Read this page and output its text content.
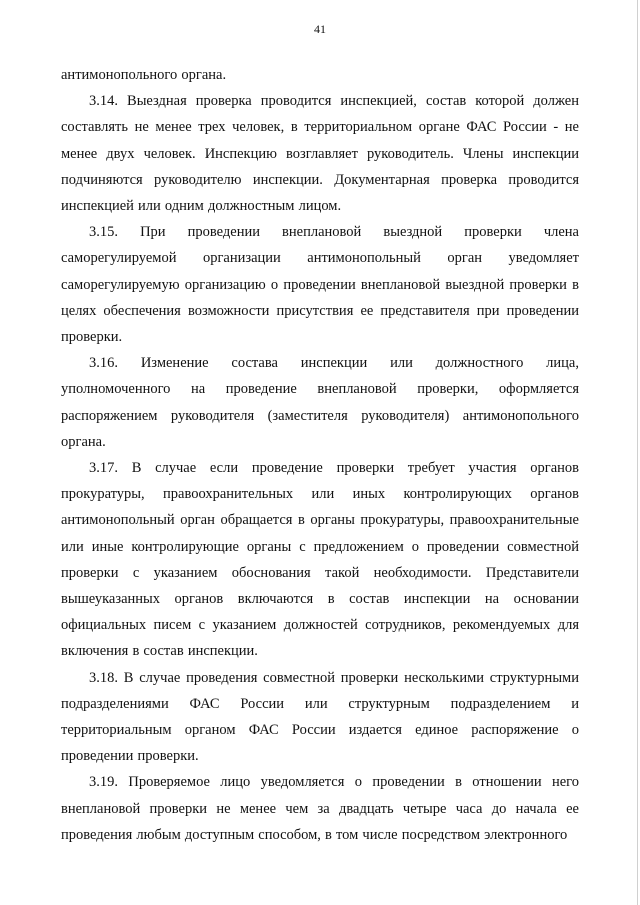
41

антимонопольного органа.

3.14. Выездная проверка проводится инспекцией, состав которой должен составлять не менее трех человек, в территориальном органе ФАС России - не менее двух человек. Инспекцию возглавляет руководитель. Члены инспекции подчиняются руководителю инспекции. Документарная проверка проводится инспекцией или одним должностным лицом.

3.15. При проведении внеплановой выездной проверки члена саморегулируемой организации антимонопольный орган уведомляет саморегулируемую организацию о проведении внеплановой выездной проверки в целях обеспечения возможности присутствия ее представителя при проведении проверки.

3.16. Изменение состава инспекции или должностного лица, уполномоченного на проведение внеплановой проверки, оформляется распоряжением руководителя (заместителя руководителя) антимонопольного органа.

3.17. В случае если проведение проверки требует участия органов прокуратуры, правоохранительных или иных контролирующих органов антимонопольный орган обращается в органы прокуратуры, правоохранительные или иные контролирующие органы с предложением о проведении совместной проверки с указанием обоснования такой необходимости. Представители вышеуказанных органов включаются в состав инспекции на основании официальных писем с указанием должностей сотрудников, рекомендуемых для включения в состав инспекции.

3.18. В случае проведения совместной проверки несколькими структурными подразделениями ФАС России или структурным подразделением и территориальным органом ФАС России издается единое распоряжение о проведении проверки.

3.19. Проверяемое лицо уведомляется о проведении в отношении него внеплановой проверки не менее чем за двадцать четыре часа до начала ее проведения любым доступным способом, в том числе посредством электронного
